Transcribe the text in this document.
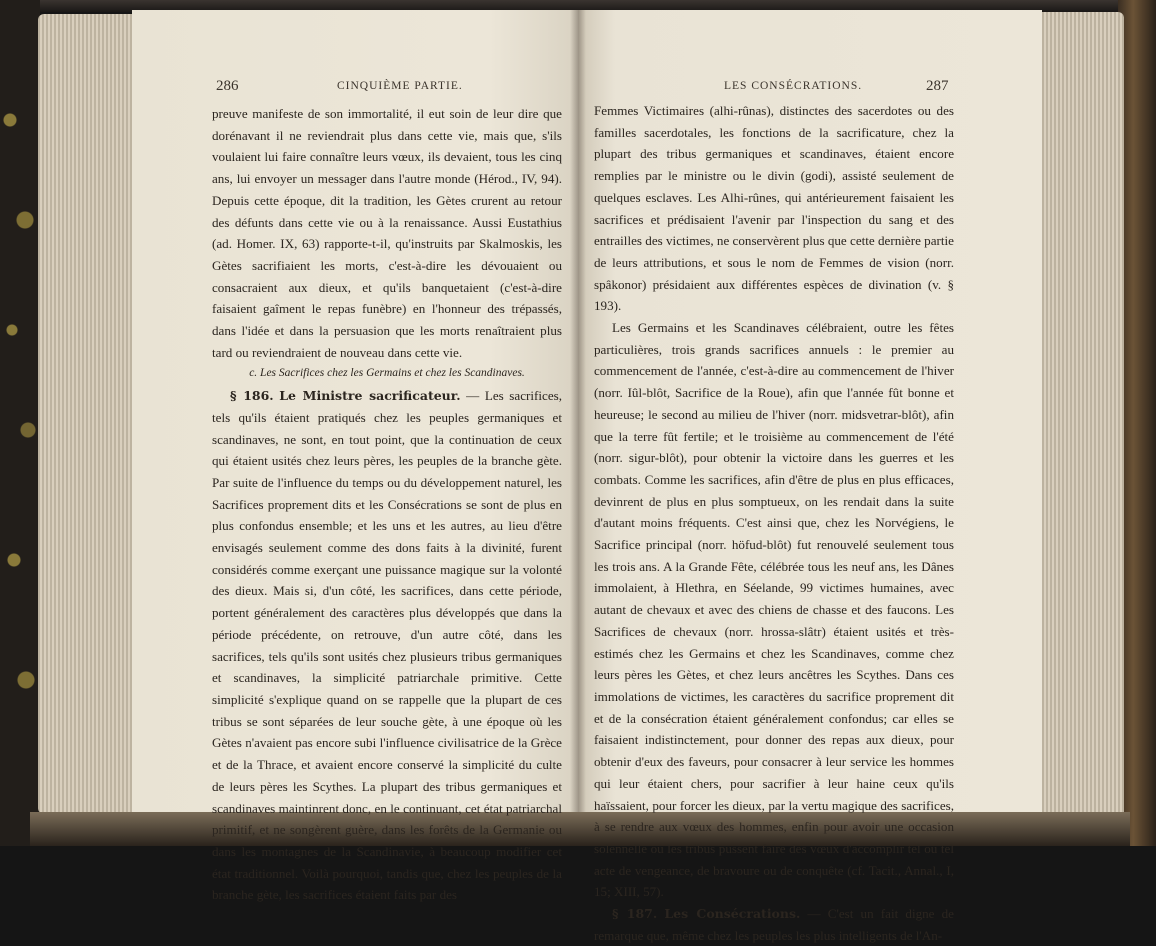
286	CINQUIÈME PARTIE.

preuve manifeste de son immortalité, il eut soin de leur dire que dorénavant il ne reviendrait plus dans cette vie, mais que, s'ils voulaient lui faire connaître leurs vœux, ils devaient, tous les cinq ans, lui envoyer un messager dans l'autre monde (Hérod., IV, 94). Depuis cette époque, dit la tradition, les Gètes crurent au retour des défunts dans cette vie ou à la renaissance. Aussi Eustathius (ad. Homer. IX, 63) rapporte-t-il, qu'instruits par Skalmoskis, les Gètes sacrifiaient les morts, c'est-à-dire les dévouaient ou consacraient aux dieux, et qu'ils banquetaient (c'est-à-dire faisaient gaîment le repas funèbre) en l'honneur des trépassés, dans l'idée et dans la persuasion que les morts renaîtraient plus tard ou reviendraient de nouveau dans cette vie.

c. Les Sacrifices chez les Germains et chez les Scandinaves.

§ 186. Le Ministre sacrificateur. — Les sacrifices, tels qu'ils étaient pratiqués chez les peuples germaniques et scandinaves, ne sont, en tout point, que la continuation de ceux qui étaient usités chez leurs pères, les peuples de la branche gète. Par suite de l'influence du temps ou du développement naturel, les Sacrifices proprement dits et les Consécrations se sont de plus en plus confondus ensemble; et les uns et les autres, au lieu d'être envisagés seulement comme des dons faits à la divinité, furent considérés comme exerçant une puissance magique sur la volonté des dieux. Mais si, d'un côté, les sacrifices, dans cette période, portent généralement des caractères plus développés que dans la période précédente, on retrouve, d'un autre côté, dans les sacrifices, tels qu'ils sont usités chez plusieurs tribus germaniques et scandinaves, la simplicité patriarchale primitive. Cette simplicité s'explique quand on se rappelle que la plupart de ces tribus se sont séparées de leur souche gète, à une époque où les Gètes n'avaient pas encore subi l'influence civilisatrice de la Grèce et de la Thrace, et avaient encore conservé la simplicité du culte de leurs pères les Scythes. La plupart des tribus germaniques et scandinaves maintinrent donc, en le continuant, cet état patriarchal primitif, et ne songèrent guère, dans les forêts de la Germanie ou dans les montagnes de la Scandinavie, à beaucoup modifier cet état traditionnel. Voilà pourquoi, tandis que, chez les peuples de la branche gète, les sacrifices étaient faits par des

LES CONSÉCRATIONS.	287

Femmes Victimaires (alhi-rûnas), distinctes des sacerdotes ou des familles sacerdotales, les fonctions de la sacrificature, chez la plupart des tribus germaniques et scandinaves, étaient encore remplies par le ministre ou le divin (godi), assisté seulement de quelques esclaves. Les Alhi-rûnes, qui antérieurement faisaient les sacrifices et prédisaient l'avenir par l'inspection du sang et des entrailles des victimes, ne conservèrent plus que cette dernière partie de leurs attributions, et sous le nom de Femmes de vision (norr. spâkonor) présidaient aux différentes espèces de divination (v. § 193).

Les Germains et les Scandinaves célébraient, outre les fêtes particulières, trois grands sacrifices annuels : le premier au commencement de l'année, c'est-à-dire au commencement de l'hiver (norr. Iûl-blôt, Sacrifice de la Roue), afin que l'année fût bonne et heureuse; le second au milieu de l'hiver (norr. midsvetrar-blôt), afin que la terre fût fertile; et le troisième au commencement de l'été (norr. sigur-blôt), pour obtenir la victoire dans les guerres et les combats. Comme les sacrifices, afin d'être de plus en plus efficaces, devinrent de plus en plus somptueux, on les rendait dans la suite d'autant moins fréquents. C'est ainsi que, chez les Norvégiens, le Sacrifice principal (norr. höfud-blôt) fut renouvelé seulement tous les trois ans. A la Grande Fête, célébrée tous les neuf ans, les Dânes immolaient, à Hlethra, en Séelande, 99 victimes humaines, avec autant de chevaux et avec des chiens de chasse et des faucons. Les Sacrifices de chevaux (norr. hrossa-slâtr) étaient usités et très-estimés chez les Germains et chez les Scandinaves, comme chez leurs pères les Gètes, et chez leurs ancêtres les Scythes. Dans ces immolations de victimes, les caractères du sacrifice proprement dit et de la consécration étaient généralement confondus; car elles se faisaient indistinctement, pour donner des repas aux dieux, pour obtenir d'eux des faveurs, pour consacrer à leur service les hommes qui leur étaient chers, pour sacrifier à leur haine ceux qu'ils haïssaient, pour forcer les dieux, par la vertu magique des sacrifices, à se rendre aux vœux des hommes, enfin pour avoir une occasion solennelle où les tribus pussent faire des vœux d'accomplir tel ou tel acte de vengeance, de bravoure ou de conquête (cf. Tacit., Annal., I, 15; XIII, 57).

§ 187. Les Consécrations. — C'est un fait digne de remarque que, même chez les peuples les plus intelligents de l'An-
